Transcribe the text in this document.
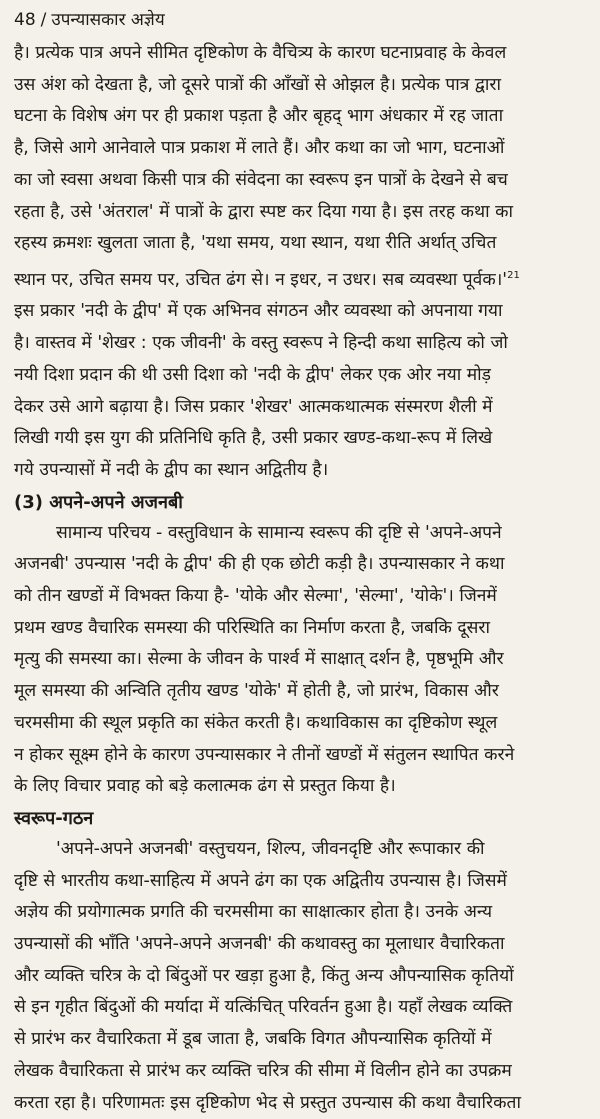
48 / उपन्यासकार अज्ञेय
है। प्रत्येक पात्र अपने सीमित दृष्टिकोण के वैचित्र्य के कारण घटनाप्रवाह के केवल
उस अंश को देखता है, जो दूसरे पात्रों की आँखों से ओझल है। प्रत्येक पात्र द्वारा
घटना के विशेष अंग पर ही प्रकाश पड़ता है और बृहद् भाग अंधकार में रह जाता
है, जिसे आगे आनेवाले पात्र प्रकाश में लाते हैं। और कथा का जो भाग, घटनाओं
का जो स्वसा अथवा किसी पात्र की संवेदना का स्वरूप इन पात्रों के देखने से बच
रहता है, उसे 'अंतराल' में पात्रों के द्वारा स्पष्ट कर दिया गया है। इस तरह कथा का
रहस्य क्रमशः खुलता जाता है, 'यथा समय, यथा स्थान, यथा रीति अर्थात् उचित
स्थान पर, उचित समय पर, उचित ढंग से। न इधर, न उधर। सब व्यवस्था $पूर्वक।'^{21}$
इस प्रकार 'नदी के द्वीप' में एक अभिनव संगठन और व्यवस्था को अपनाया गया
है। वास्तव में 'शेखर : एक जीवनी' के वस्तु स्वरूप ने हिन्दी कथा साहित्य को जो
नयी दिशा प्रदान की थी उसी दिशा को 'नदी के द्वीप' लेकर एक ओर नया मोड़
देकर उसे आगे बढ़ाया है। जिस प्रकार 'शेखर' आत्मकथात्मक संस्मरण शैली में
लिखी गयी इस युग की प्रतिनिधि कृति है, उसी प्रकार खण्ड-कथा-रूप में लिखे
गये उपन्यासों में नदी के द्वीप का स्थान अद्वितीय है।
(3) अपने-अपने अजनबी
सामान्य परिचय - वस्तुविधान के सामान्य स्वरूप की दृष्टि से 'अपने-अपने
अजनबी' उपन्यास 'नदी के द्वीप' की ही एक छोटी कड़ी है। उपन्यासकार ने कथा
को तीन खण्डों में विभक्त किया है- 'योके और सेल्मा', 'सेल्मा', 'योके'। जिनमें
प्रथम खण्ड वैचारिक समस्या की परिस्थिति का निर्माण करता है, जबकि दूसरा
मृत्यु की समस्या का। सेल्मा के जीवन के पार्श्व में साक्षात् दर्शन है, पृष्ठभूमि और
मूल समस्या की अन्विति तृतीय खण्ड 'योके' में होती है, जो प्रारंभ, विकास और
चरमसीमा की स्थूल प्रकृति का संकेत करती है। कथाविकास का दृष्टिकोण स्थूल
न होकर सूक्ष्म होने के कारण उपन्यासकार ने तीनों खण्डों में संतुलन स्थापित करने
के लिए विचार प्रवाह को बड़े कलात्मक ढंग से प्रस्तुत किया है।
स्वरूप-गठन
'अपने-अपने अजनबी' वस्तुचयन, शिल्प, जीवनदृष्टि और रूपाकार की
दृष्टि से भारतीय कथा-साहित्य में अपने ढंग का एक अद्वितीय उपन्यास है। जिसमें
अज्ञेय की प्रयोगात्मक प्रगति की चरमसीमा का साक्षात्कार होता है। उनके अन्य
उपन्यासों की भाँति 'अपने-अपने अजनबी' की कथावस्तु का मूलाधार वैचारिकता
और व्यक्ति चरित्र के दो बिंदुओं पर खड़ा हुआ है, किंतु अन्य औपन्यासिक कृतियों
से इन गृहीत बिंदुओं की मर्यादा में यत्किंचित् परिवर्तन हुआ है। यहाँ लेखक व्यक्ति
से प्रारंभ कर वैचारिकता में डूब जाता है, जबकि विगत औपन्यासिक कृतियों में
लेखक वैचारिकता से प्रारंभ कर व्यक्ति चरित्र की सीमा में विलीन होने का उपक्रम
करता रहा है। परिणामतः इस दृष्टिकोण भेद से प्रस्तुत उपन्यास की कथा वैचारिकता
